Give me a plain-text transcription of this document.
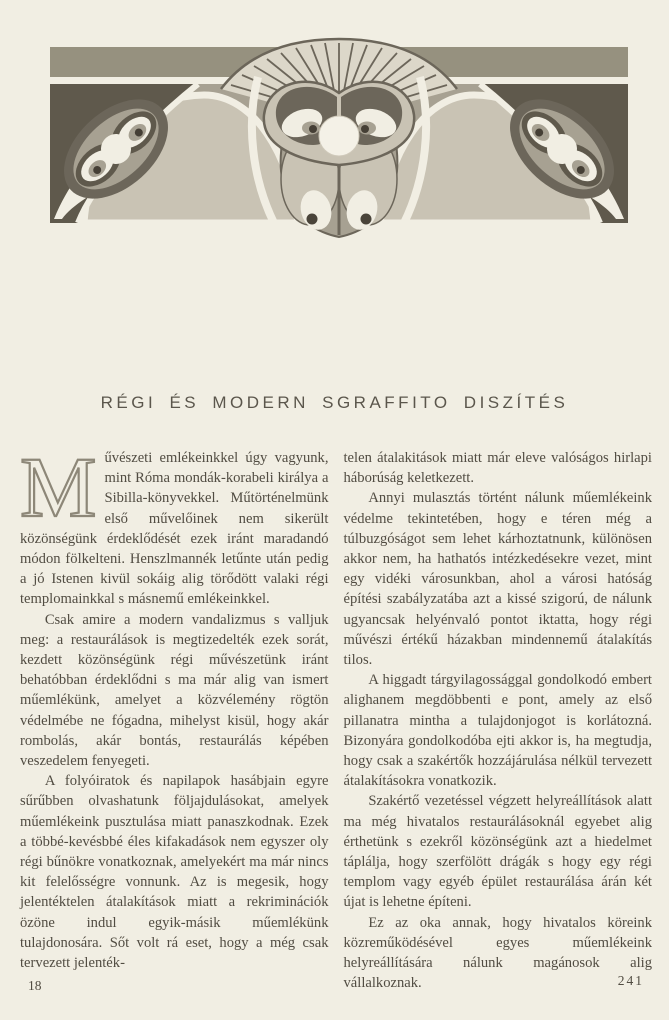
RÉGI ÉS MODERN SGRAFFITO DISZÍTÉS

Művészeti emlékeinkkel úgy vagyunk, mint Róma mondák-korabeli királya a Sibilla-könyvekkel. Műtörténelmünk első művelőinek nem sikerült közönségünk érdeklődését ezek iránt maradandó módon fölkelteni. Henszlmannék letűnte után pedig a jó Istenen kivül sokáig alig törődött valaki régi templomainkkal s másnemű emlékeinkkel.

Csak amire a modern vandalizmus s valljuk meg: a restaurálások is megtizedelték ezek sorát, kezdett közönségünk régi művészetünk iránt behatóbban érdeklődni s ma már alig van ismert műemlékünk, amelyet a közvélemény rögtön védelmébe ne fógadna, mihelyst kisül, hogy akár rombolás, akár bontás, restaurálás képében veszedelem fenyegeti.

A folyóiratok és napilapok hasábjain egyre sűrűbben olvashatunk följajdulásokat, amelyek műemlékeink pusztulása miatt panaszkodnak. Ezek a többé-kevésbbé éles kifakadások nem egyszer oly régi bűnökre vonatkoznak, amelyekért ma már nincs kit felelősségre vonnunk. Az is megesik, hogy jelentéktelen átalakítások miatt a rekriminációk özöne indul egyik-másik műemlékünk tulajdonosára. Sőt volt rá eset, hogy a még csak tervezett jelenték-

telen átalakitások miatt már eleve valóságos hirlapi háborúság keletkezett.

Annyi mulasztás történt nálunk műemlékeink védelme tekintetében, hogy e téren még a túlbuzgóságot sem lehet kárhoztatnunk, különösen akkor nem, ha hathatós intézkedésekre vezet, mint egy vidéki városunkban, ahol a városi hatóság építési szabályzatába azt a kissé szigorú, de nálunk ugyancsak helyénvaló pontot iktatta, hogy régi művészi értékű házakban mindennemű átalakítás tilos.

A higgadt tárgyilagossággal gondolkodó embert alighanem megdöbbenti e pont, amely az első pillanatra mintha a tulajdonjogot is korlátozná. Bizonyára gondolkodóba ejti akkor is, ha megtudja, hogy csak a szakértők hozzájárulása nélkül tervezett átalakításokra vonatkozik.

Szakértő vezetéssel végzett helyreállítások alatt ma még hivatalos restaurálásoknál egyebet alig érthetünk s ezekről közönségünk azt a hiedelmet táplálja, hogy szerfölött drágák s hogy egy régi templom vagy egyéb épület restaurálása árán két újat is lehetne építeni.

Ez az oka annak, hogy hivatalos köreink közreműködésével egyes műemlékeink helyreállítására nálunk magánosok alig vállalkoznak.

18	241
